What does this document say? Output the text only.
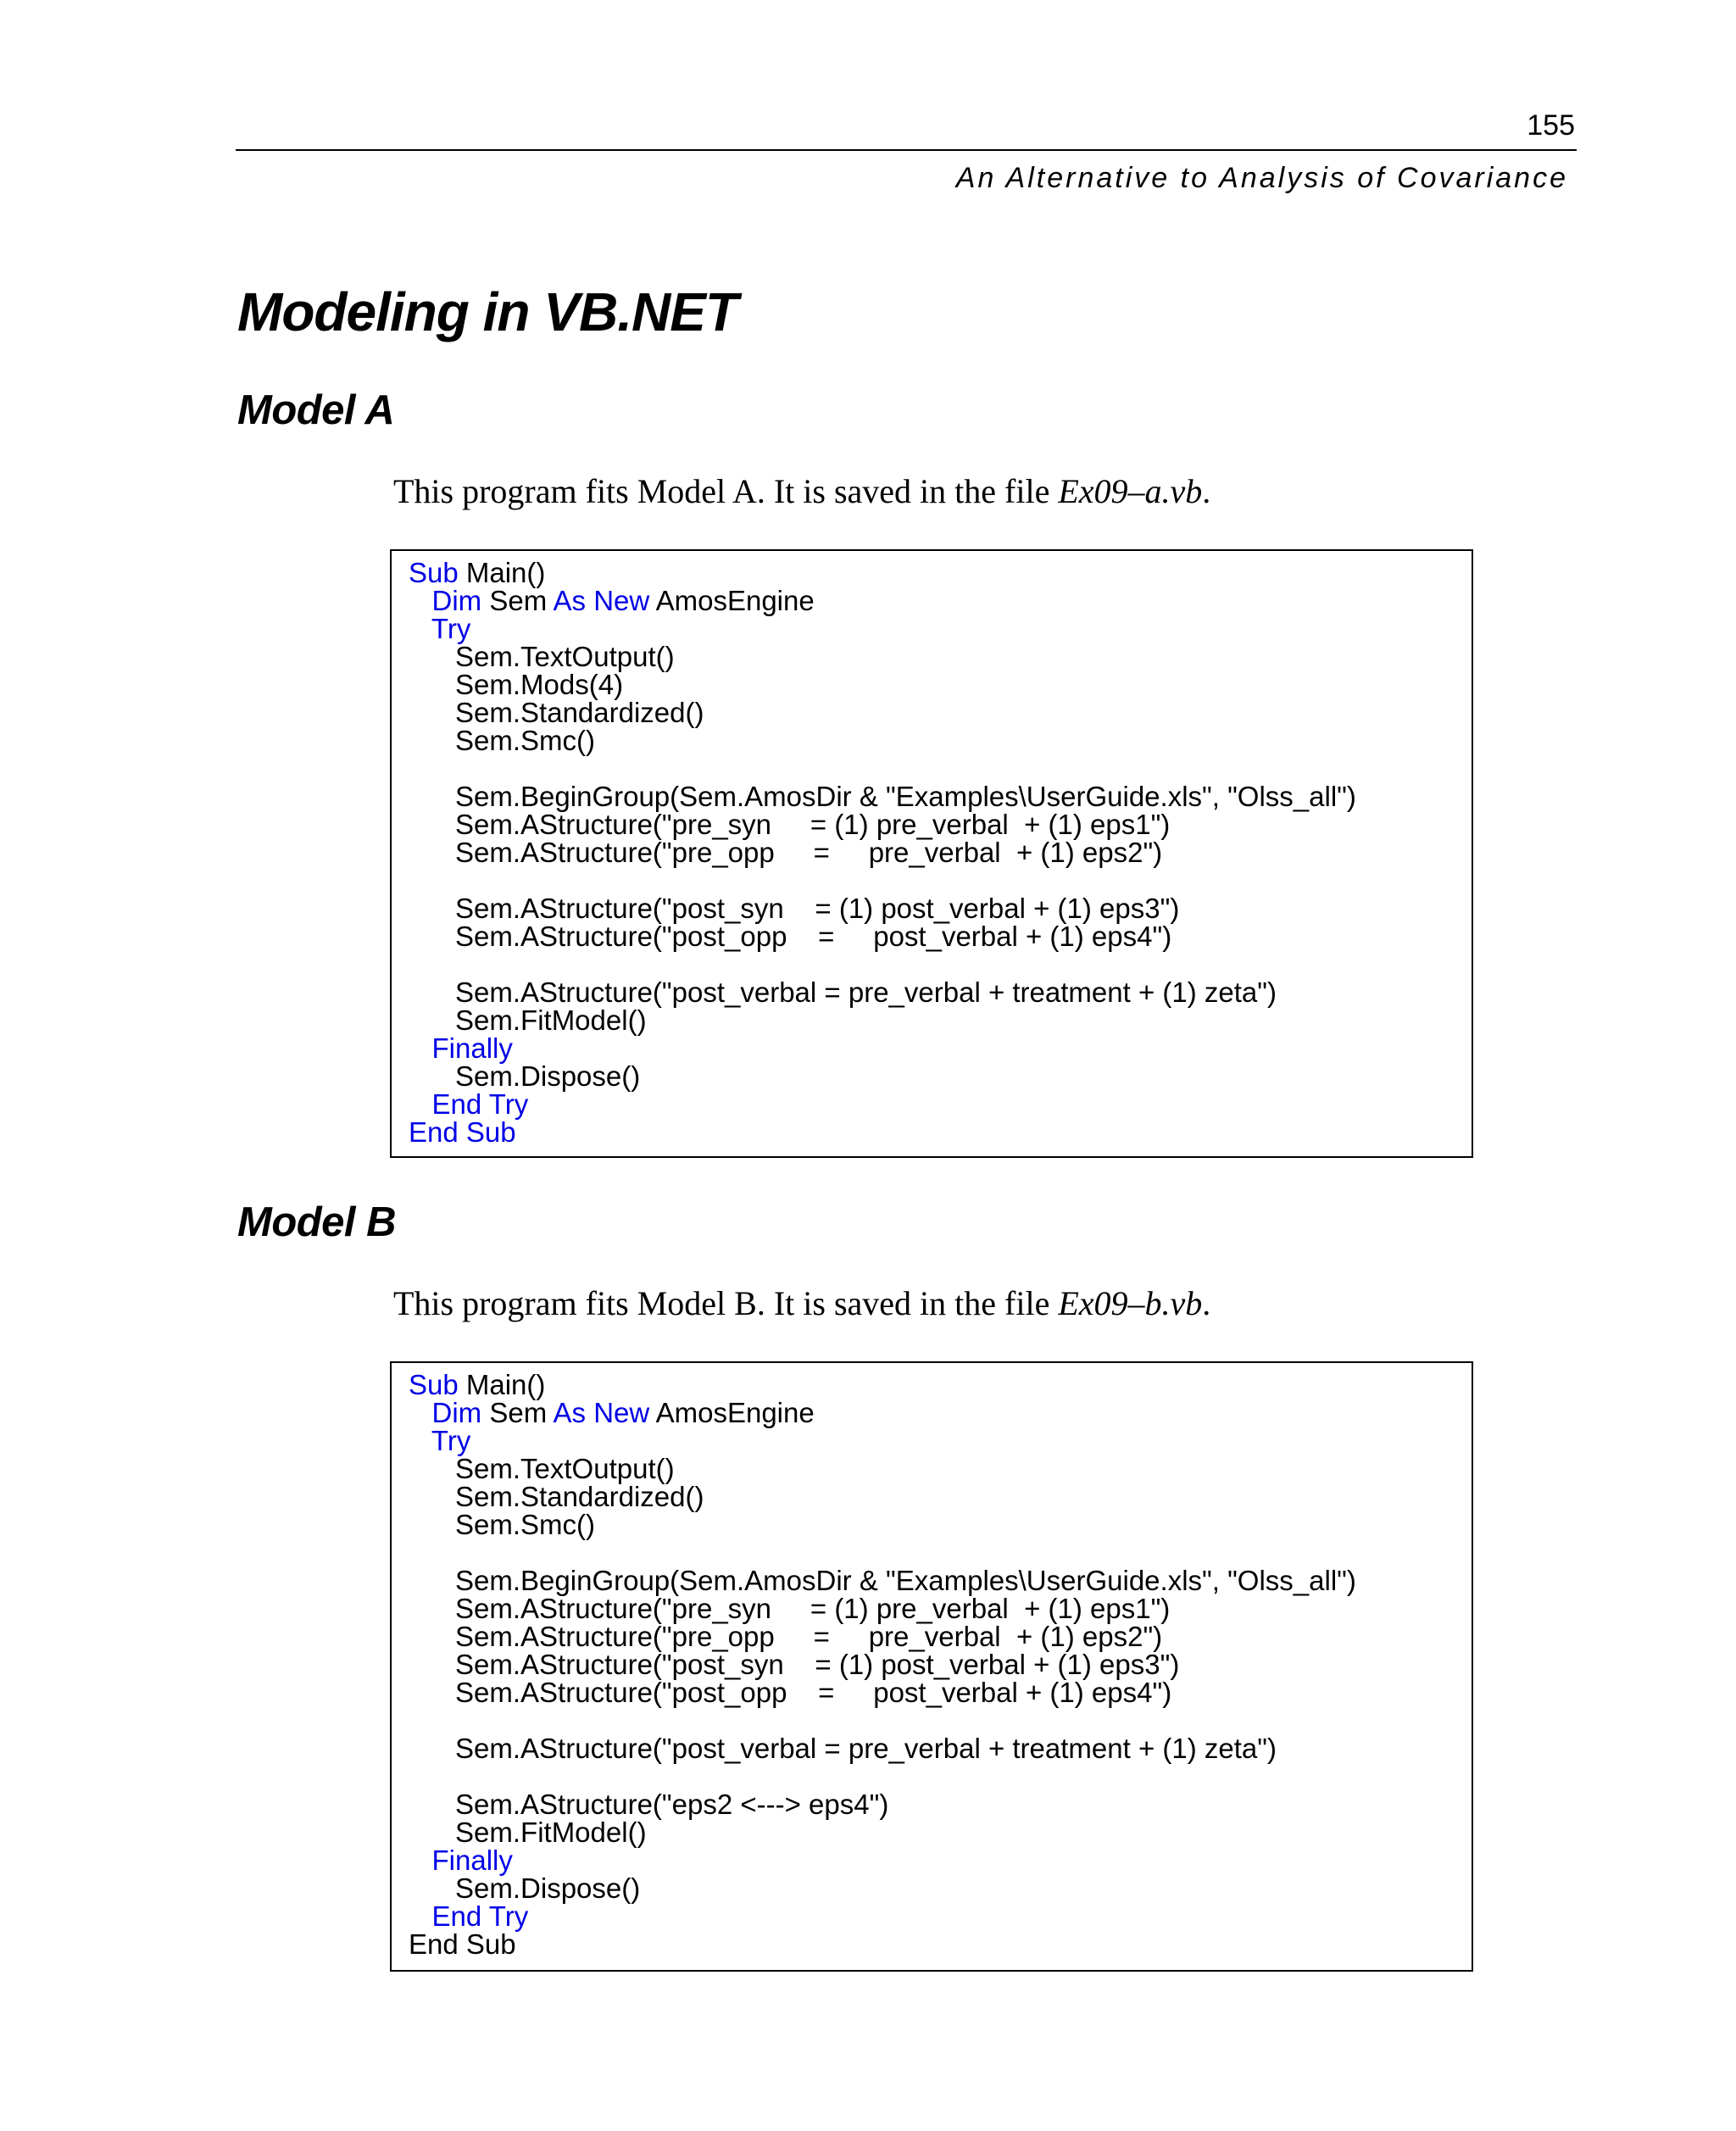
155
An Alternative to Analysis of Covariance
Modeling in VB.NET
Model A

This program fits Model A. It is saved in the file Ex09–a.vb.

Sub Main()
Dim Sem As New AmosEngine
Try
Sem.TextOutput()
Sem.Mods(4)
Sem.Standardized()
Sem.Smc()
Sem.BeginGroup(Sem.AmosDir & "Examples\UserGuide.xls", "Olss_all")
Sem.AStructure("pre_syn     = (1) pre_verbal  + (1) eps1")
Sem.AStructure("pre_opp     =     pre_verbal  + (1) eps2")
Sem.AStructure("post_syn    = (1) post_verbal + (1) eps3")
Sem.AStructure("post_opp    =     post_verbal + (1) eps4")
Sem.AStructure("post_verbal = pre_verbal + treatment + (1) zeta")
Sem.FitModel()
Finally
Sem.Dispose()
End Try
End Sub
Model B

This program fits Model B. It is saved in the file Ex09–b.vb.

Sub Main()
Dim Sem As New AmosEngine
Try
Sem.TextOutput()
Sem.Standardized()
Sem.Smc()
Sem.BeginGroup(Sem.AmosDir & "Examples\UserGuide.xls", "Olss_all")
Sem.AStructure("pre_syn     = (1) pre_verbal  + (1) eps1")
Sem.AStructure("pre_opp     =     pre_verbal  + (1) eps2")
Sem.AStructure("post_syn    = (1) post_verbal + (1) eps3")
Sem.AStructure("post_opp    =     post_verbal + (1) eps4")
Sem.AStructure("post_verbal = pre_verbal + treatment + (1) zeta")
Sem.AStructure("eps2 <---> eps4")
Sem.FitModel()
Finally
Sem.Dispose()
End Try
End Sub
